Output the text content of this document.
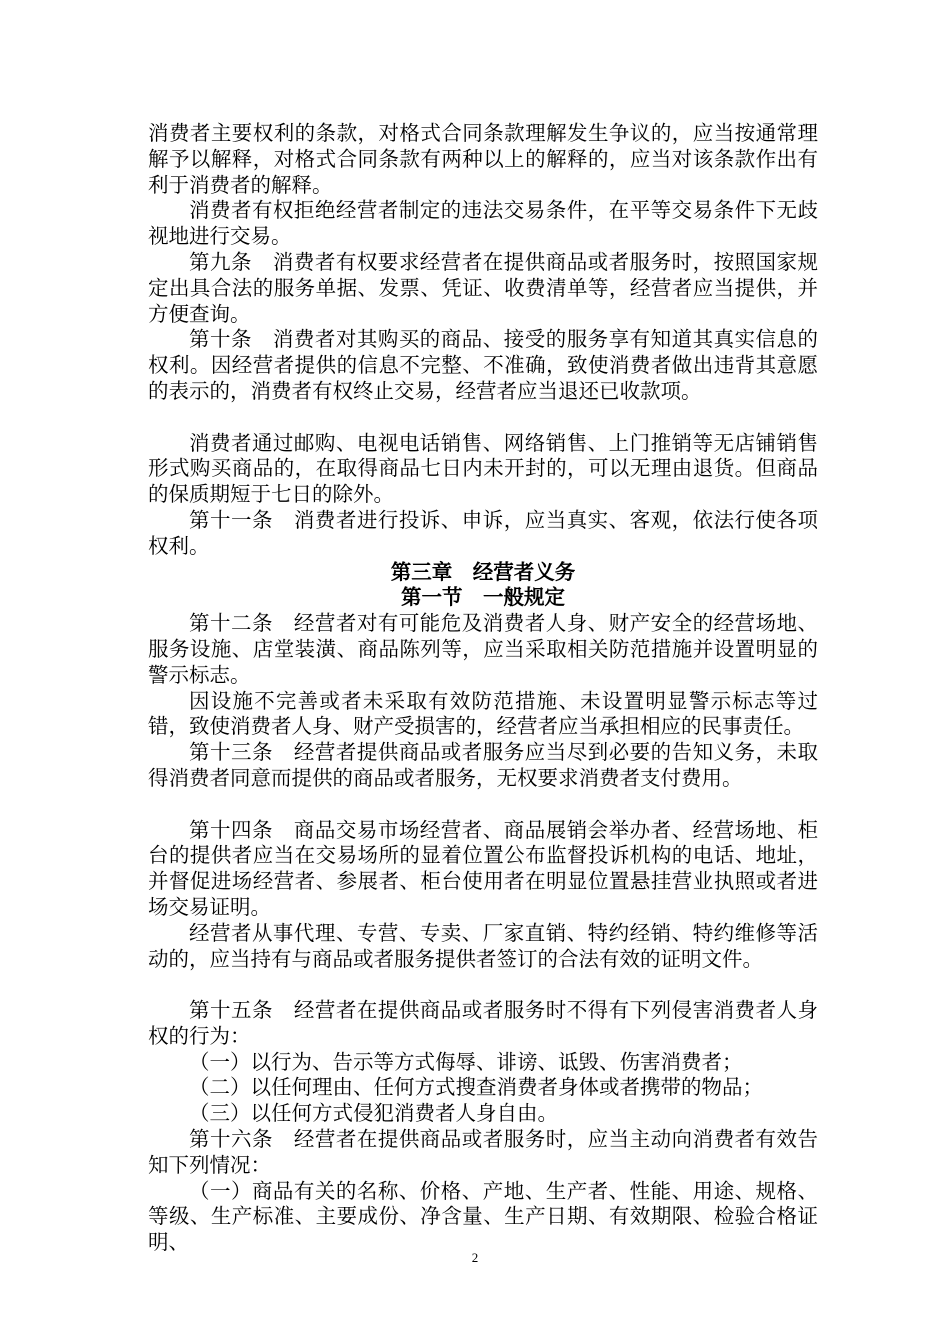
消费者主要权利的条款，对格式合同条款理解发生争议的，应当按通常理解予以解释，对格式合同条款有两种以上的解释的，应当对该条款作出有利于消费者的解释。

消费者有权拒绝经营者制定的违法交易条件，在平等交易条件下无歧视地进行交易。

第九条　消费者有权要求经营者在提供商品或者服务时，按照国家规定出具合法的服务单据、发票、凭证、收费清单等，经营者应当提供，并方便查询。

第十条　消费者对其购买的商品、接受的服务享有知道其真实信息的权利。因经营者提供的信息不完整、不准确，致使消费者做出违背其意愿的表示的，消费者有权终止交易，经营者应当退还已收款项。

消费者通过邮购、电视电话销售、网络销售、上门推销等无店铺销售形式购买商品的，在取得商品七日内未开封的，可以无理由退货。但商品的保质期短于七日的除外。

第十一条　消费者进行投诉、申诉，应当真实、客观，依法行使各项权利。

第三章　经营者义务
第一节　一般规定

第十二条　经营者对有可能危及消费者人身、财产安全的经营场地、服务设施、店堂装潢、商品陈列等，应当采取相关防范措施并设置明显的警示标志。

因设施不完善或者未采取有效防范措施、未设置明显警示标志等过错，致使消费者人身、财产受损害的，经营者应当承担相应的民事责任。

第十三条　经营者提供商品或者服务应当尽到必要的告知义务，未取得消费者同意而提供的商品或者服务，无权要求消费者支付费用。

第十四条　商品交易市场经营者、商品展销会举办者、经营场地、柜台的提供者应当在交易场所的显着位置公布监督投诉机构的电话、地址，并督促进场经营者、参展者、柜台使用者在明显位置悬挂营业执照或者进场交易证明。

经营者从事代理、专营、专卖、厂家直销、特约经销、特约维修等活动的，应当持有与商品或者服务提供者签订的合法有效的证明文件。

第十五条　经营者在提供商品或者服务时不得有下列侵害消费者人身权的行为：

（一）以行为、告示等方式侮辱、诽谤、诋毁、伤害消费者；

（二）以任何理由、任何方式搜查消费者身体或者携带的物品；

（三）以任何方式侵犯消费者人身自由。

第十六条　经营者在提供商品或者服务时，应当主动向消费者有效告知下列情况：

（一）商品有关的名称、价格、产地、生产者、性能、用途、规格、等级、生产标准、主要成份、净含量、生产日期、有效期限、检验合格证明、

2
